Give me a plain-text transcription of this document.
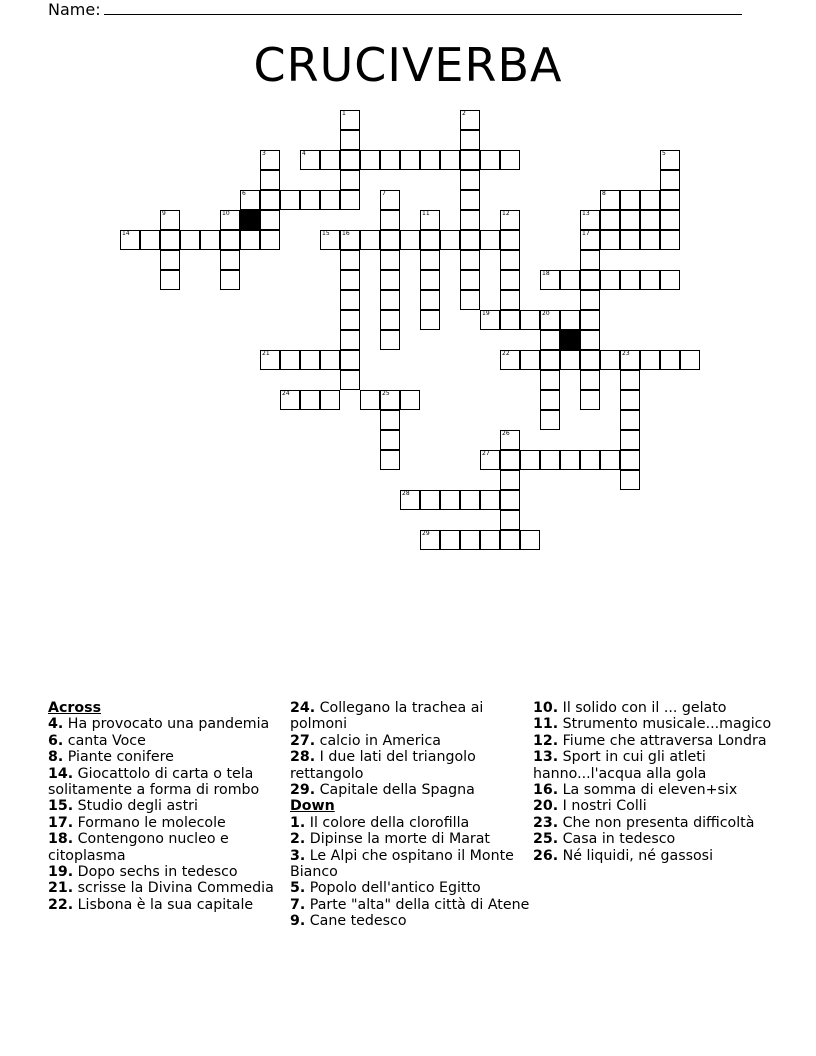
Name:
CRUCIVERBA
1	2
3	4	5
6	7	8
9	10	11	12	13
14	15 16	17
18
19	20
21	22	23
24	25
26
27
28
29

Across

4. Ha provocato una pandemia

6. canta Voce

8. Piante conifere

14. Giocattolo di carta o tela solitamente a forma di rombo

15. Studio degli astri

17. Formano le molecole

18. Contengono nucleo e citoplasma

19. Dopo sechs in tedesco

21. scrisse la Divina Commedia

22. Lisbona è la sua capitale

24. Collegano la trachea ai polmoni

27. calcio in America

28. I due lati del triangolo rettangolo

29. Capitale della Spagna

Down

1. Il colore della clorofilla

2. Dipinse la morte di Marat

3. Le Alpi che ospitano il Monte Bianco

5. Popolo dell'antico Egitto

7. Parte "alta" della città di Atene

9. Cane tedesco

10. Il solido con il ... gelato

11. Strumento musicale...magico

12. Fiume che attraversa Londra

13. Sport in cui gli atleti hanno...l'acqua alla gola

16. La somma di eleven+six

20. I nostri Colli

23. Che non presenta difficoltà

25. Casa in tedesco

26. Né liquidi, né gassosi
